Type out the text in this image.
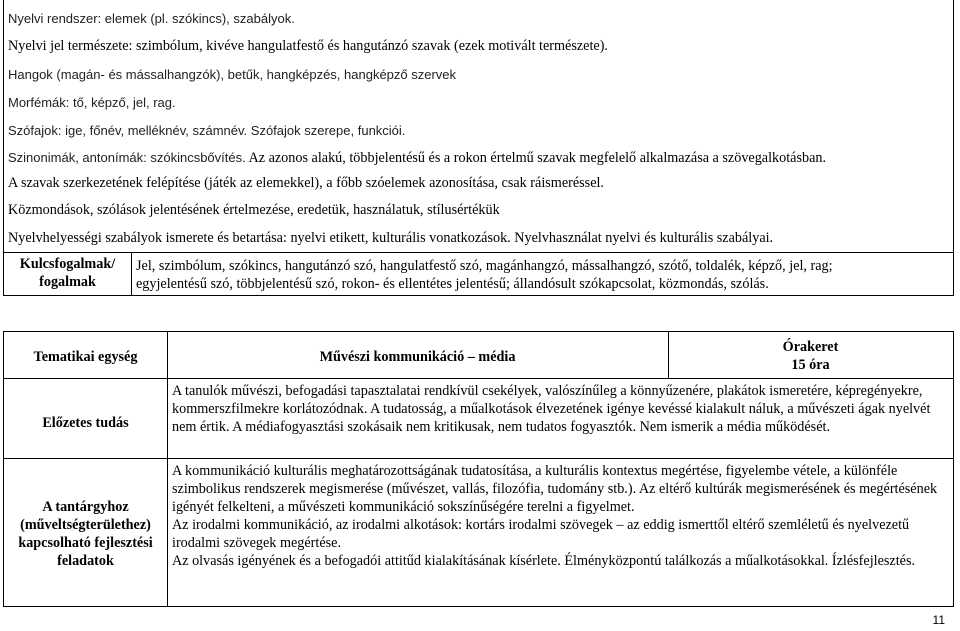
Nyelvi rendszer: elemek (pl. szókincs), szabályok.

Nyelvi jel természete: szimbólum, kivéve hangulatfestő és hangutánzó szavak (ezek motivált természete).

Hangok (magán- és mássalhangzók), betűk, hangképzés, hangképző szervek

Morfémák: tő, képző, jel, rag.

Szófajok: ige, főnév, melléknév, számnév. Szófajok szerepe, funkciói.

Szinonimák, antonímák: szókincsbővítés. Az azonos alakú, többjelentésű és a rokon értelmű szavak megfelelő alkalmazása a szövegalkotásban.

A szavak szerkezetének felépítése (játék az elemekkel), a főbb szóelemek azonosítása, csak ráismeréssel.

Közmondások, szólások jelentésének értelmezése, eredetük, használatuk, stílusértékük

Nyelvhelyességi szabályok ismerete és betartása: nyelvi etikett, kulturális vonatkozások. Nyelvhasználat nyelvi és kulturális szabályai.

Kulcsfogalmak/
fogalmak
Jel, szimbólum, szókincs, hangutánzó szó, hangulatfestő szó, magánhangzó, mássalhangzó, szótő, toldalék, képző, jel, rag;
egyjelentésű szó, többjelentésű szó, rokon- és ellentétes jelentésű; állandósult szókapcsolat, közmondás, szólás.
Tematikai egység	Művészi kommunikáció – média
Órakeret
15 óra
Előzetes tudás
A tanulók művészi, befogadási tapasztalatai rendkívül csekélyek, valószínűleg a könnyűzenére, plakátok ismeretére, képregényekre, kommerszfilmekre korlátozódnak. A tudatosság, a műalkotások élvezetének igénye kevéssé kialakult náluk, a művészeti ágak nyelvét nem értik. A médiafogyasztási szokásaik nem kritikusak, nem tudatos fogyasztók. Nem ismerik a média működését.
A tantárgyhoz
(műveltségterülethez)
kapcsolható fejlesztési
feladatok

A kommunikáció kulturális meghatározottságának tudatosítása, a kulturális kontextus megértése, figyelembe vétele, a különféle szimbolikus rendszerek megismerése (művészet, vallás, filozófia, tudomány stb.). Az eltérő kultúrák megismerésének és megértésének igényét felkelteni, a művészeti kommunikáció sokszínűségére terelni a figyelmet.

Az irodalmi kommunikáció, az irodalmi alkotások: kortárs irodalmi szövegek – az eddig ismerttől eltérő szemléletű és nyelvezetű irodalmi szövegek megértése.

Az olvasás igényének és a befogadói attitűd kialakításának kísérlete. Élményközpontú találkozás a műalkotásokkal. Ízlésfejlesztés.

11
